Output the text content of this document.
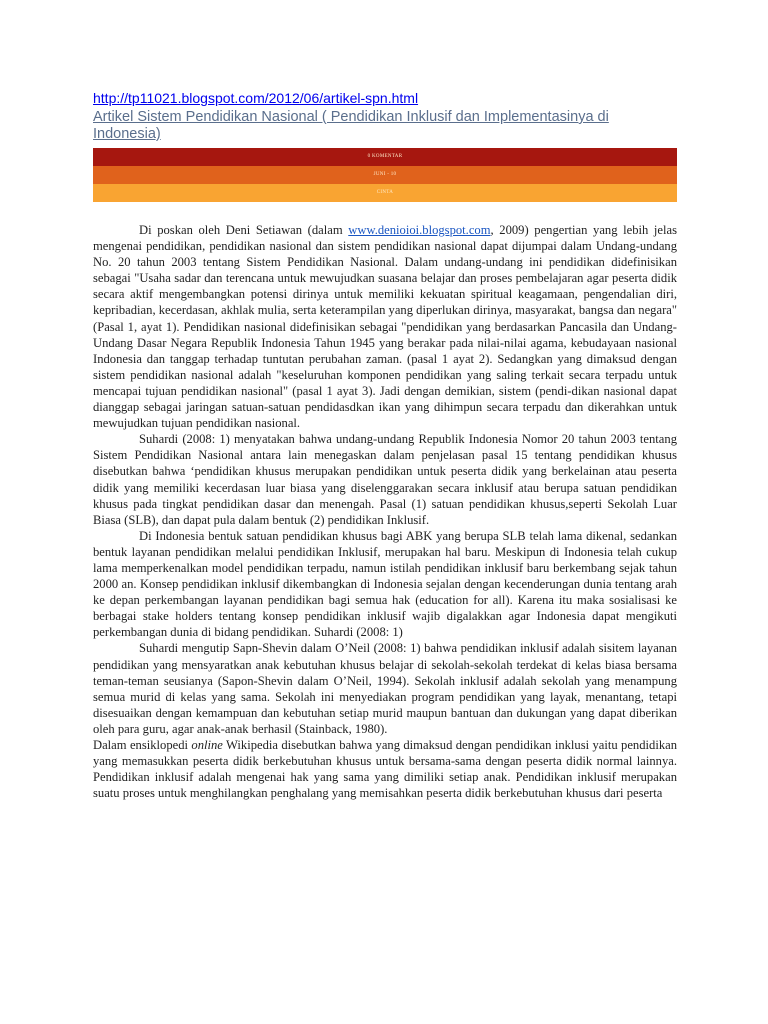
http://tp11021.blogspot.com/2012/06/artikel-spn.html
Artikel Sistem Pendidikan Nasional ( Pendidikan Inklusif dan Implementasinya di Indonesia)
0 KOMENTAR
JUNI - 10
CINTA

Di poskan oleh Deni Setiawan (dalam www.denioioi.blogspot.com, 2009) pengertian yang lebih jelas mengenai pendidikan, pendidikan nasional dan sistem pendidikan nasional dapat dijumpai dalam Undang-undang No. 20 tahun 2003 tentang Sistem Pendidikan Nasional. Dalam undang-undang ini pendidikan didefinisikan sebagai "Usaha sadar dan terencana untuk mewujudkan suasana belajar dan proses pembelajaran agar peserta didik secara aktif mengembangkan potensi dirinya untuk memiliki kekuatan spiritual keagamaan, pengendalian diri, kepribadian, kecerdasan, akhlak mulia, serta keterampilan yang diperlukan dirinya, masyarakat, bangsa dan negara" (Pasal 1, ayat 1). Pendidikan nasional didefinisikan sebagai "pendidikan yang berdasarkan Pancasila dan Undang-Undang Dasar Negara Republik Indonesia Tahun 1945 yang berakar pada nilai-nilai agama, kebudayaan nasional Indonesia dan tanggap terhadap tuntutan perubahan zaman. (pasal 1 ayat 2). Sedangkan yang dimaksud dengan sistem pendidikan nasional adalah "keseluruhan komponen pendidikan yang saling terkait secara terpadu untuk mencapai tujuan pendidikan nasional" (pasal 1 ayat 3). Jadi dengan demikian, sistem (pendi-dikan nasional dapat dianggap sebagai jaringan satuan-satuan pendidasdkan ikan yang dihimpun secara terpadu dan dikerahkan untuk mewujudkan tujuan pendidikan nasional.

Suhardi (2008: 1) menyatakan bahwa undang-undang Republik Indonesia Nomor 20 tahun 2003 tentang Sistem Pendidikan Nasional antara lain menegaskan dalam penjelasan pasal 15 tentang pendidikan khusus disebutkan bahwa ‘pendidikan khusus merupakan pendidikan untuk peserta didik yang berkelainan atau peserta didik yang memiliki kecerdasan luar biasa yang diselenggarakan secara inklusif atau berupa satuan pendidikan khusus pada tingkat pendidikan dasar dan menengah. Pasal (1) satuan pendidikan khusus,seperti Sekolah Luar Biasa (SLB), dan dapat pula dalam bentuk (2) pendidikan Inklusif.

Di Indonesia bentuk satuan pendidikan khusus bagi ABK yang berupa SLB telah lama dikenal, sedankan bentuk layanan pendidikan melalui pendidikan Inklusif, merupakan hal baru. Meskipun di Indonesia telah cukup lama memperkenalkan model pendidikan terpadu, namun istilah pendidikan inklusif baru berkembang sejak tahun 2000 an. Konsep pendidikan inklusif dikembangkan di Indonesia sejalan dengan kecenderungan dunia tentang arah ke depan perkembangan layanan pendidikan bagi semua hak (education for all). Karena itu maka sosialisasi ke berbagai stake holders tentang konsep pendidikan inklusif wajib digalakkan agar Indonesia dapat mengikuti perkembangan dunia di bidang pendidikan. Suhardi (2008: 1)

Suhardi mengutip Sapn-Shevin dalam O’Neil (2008: 1) bahwa pendidikan inklusif adalah sisitem layanan pendidikan yang mensyaratkan anak kebutuhan khusus belajar di sekolah-sekolah terdekat di kelas biasa bersama teman-teman seusianya (Sapon-Shevin dalam O’Neil, 1994). Sekolah inklusif adalah sekolah yang menampung semua murid di kelas yang sama. Sekolah ini menyediakan program pendidikan yang layak, menantang, tetapi disesuaikan dengan kemampuan dan kebutuhan setiap murid maupun bantuan dan dukungan yang dapat diberikan oleh para guru, agar anak-anak berhasil (Stainback, 1980).

Dalam ensiklopedi online Wikipedia disebutkan bahwa yang dimaksud dengan pendidikan inklusi yaitu pendidikan yang memasukkan peserta didik berkebutuhan khusus untuk bersama-sama dengan peserta didik normal lainnya. Pendidikan inklusif adalah mengenai hak yang sama yang dimiliki setiap anak. Pendidikan inklusif merupakan suatu proses untuk menghilangkan penghalang yang memisahkan peserta didik berkebutuhan khusus dari peserta
